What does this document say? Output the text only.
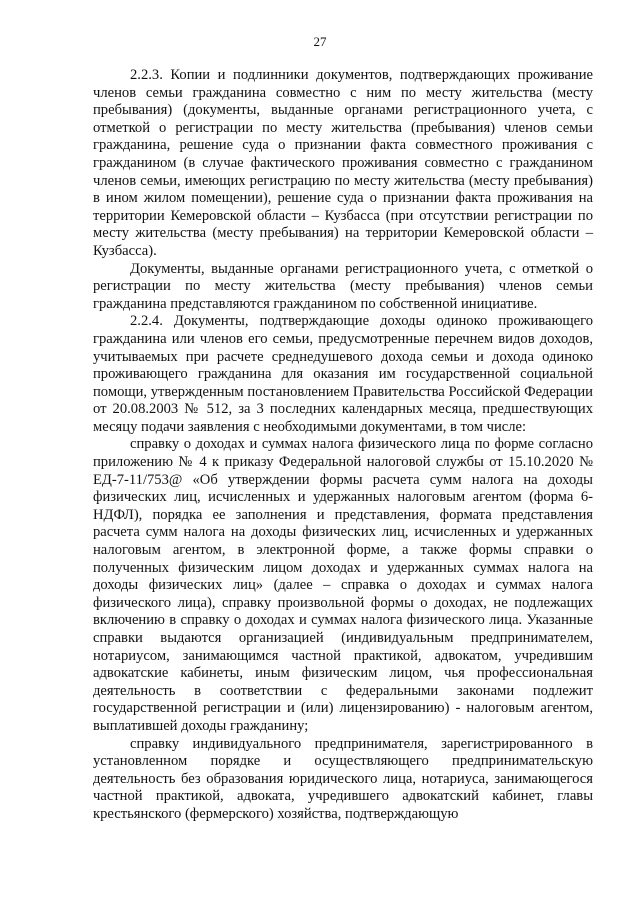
27

2.2.3. Копии и подлинники документов, подтверждающих проживание членов семьи гражданина совместно с ним по месту жительства (месту пребывания) (документы, выданные органами регистрационного учета, с отметкой о регистрации по месту жительства (пребывания) членов семьи гражданина, решение суда о признании факта совместного проживания с гражданином (в случае фактического проживания совместно с гражданином членов семьи, имеющих регистрацию по месту жительства (месту пребывания) в ином жилом помещении), решение суда о признании факта проживания на территории Кемеровской области – Кузбасса (при отсутствии регистрации по месту жительства (месту пребывания) на территории Кемеровской области – Кузбасса).

Документы, выданные органами регистрационного учета, с отметкой о регистрации по месту жительства (месту пребывания) членов семьи гражданина представляются гражданином по собственной инициативе.

2.2.4. Документы, подтверждающие доходы одиноко проживающего гражданина или членов его семьи, предусмотренные перечнем видов доходов, учитываемых при расчете среднедушевого дохода семьи и дохода одиноко проживающего гражданина для оказания им государственной социальной помощи, утвержденным постановлением Правительства Российской Федерации от 20.08.2003 № 512, за 3 последних календарных месяца, предшествующих месяцу подачи заявления с необходимыми документами, в том числе:

справку о доходах и суммах налога физического лица по форме согласно приложению № 4 к приказу Федеральной налоговой службы от 15.10.2020 № ЕД-7-11/753@ «Об утверждении формы расчета сумм налога на доходы физических лиц, исчисленных и удержанных налоговым агентом (форма 6-НДФЛ), порядка ее заполнения и представления, формата представления расчета сумм налога на доходы физических лиц, исчисленных и удержанных налоговым агентом, в электронной форме, а также формы справки о полученных физическим лицом доходах и удержанных суммах налога на доходы физических лиц» (далее – справка о доходах и суммах налога физического лица), справку произвольной формы о доходах, не подлежащих включению в справку о доходах и суммах налога физического лица. Указанные справки выдаются организацией (индивидуальным предпринимателем, нотариусом, занимающимся частной практикой, адвокатом, учредившим адвокатские кабинеты, иным физическим лицом, чья профессиональная деятельность в соответствии с федеральными законами подлежит государственной регистрации и (или) лицензированию) - налоговым агентом, выплатившей доходы гражданину;

справку индивидуального предпринимателя, зарегистрированного в установленном порядке и осуществляющего предпринимательскую деятельность без образования юридического лица, нотариуса, занимающегося частной практикой, адвоката, учредившего адвокатский кабинет, главы крестьянского (фермерского) хозяйства, подтверждающую
